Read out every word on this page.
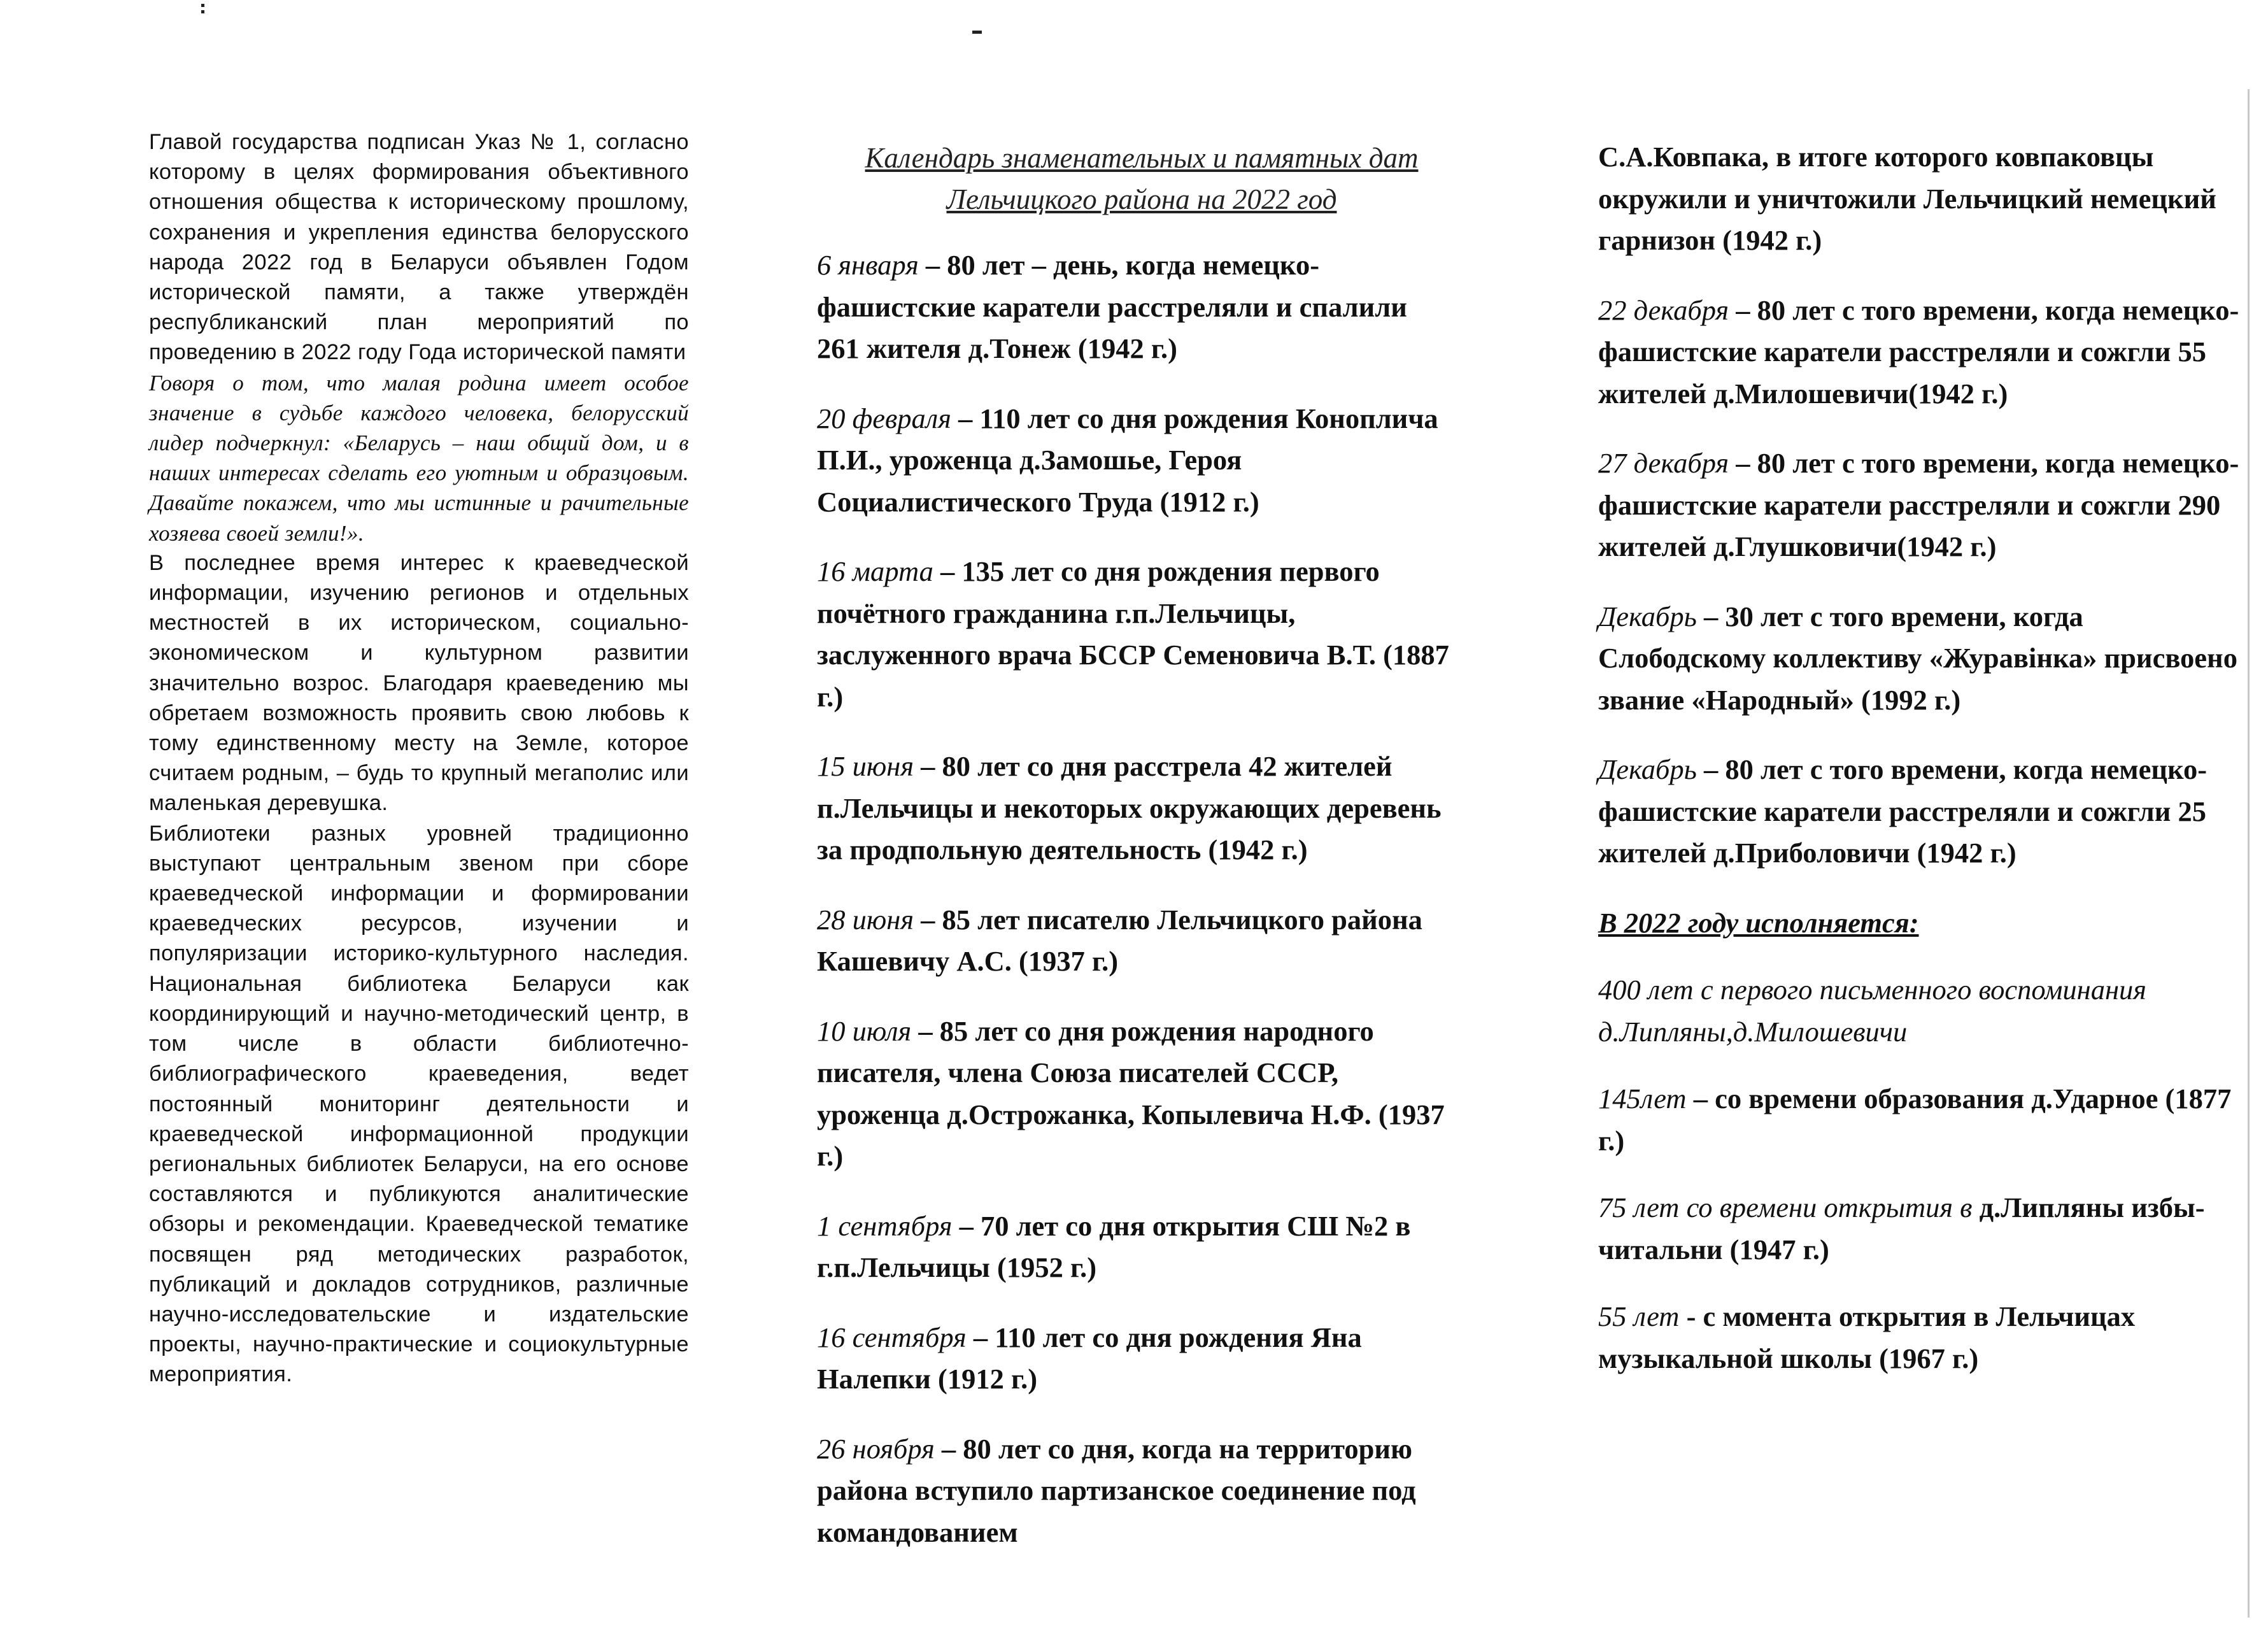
Главой государства подписан Указ № 1, согласно которому в целях формирования объективного отношения общества к историческому прошлому, сохранения и укрепления единства белорусского народа 2022 год в Беларуси объявлен Годом исторической памяти, а также утверждён республиканский план мероприятий по проведению в 2022 году Года исторической памяти

Говоря о том, что малая родина имеет особое значение в судьбе каждого человека, белорусский лидер подчеркнул: «Беларусь – наш общий дом, и в наших интересах сделать его уютным и образцовым. Давайте покажем, что мы истинные и рачительные хозяева своей земли!».

В последнее время интерес к краеведческой информации, изучению регионов и отдельных местностей в их историческом, социально-экономическом и культурном развитии значительно возрос. Благодаря краеведению мы обретаем возможность проявить свою любовь к тому единственному месту на Земле, которое считаем родным, – будь то крупный мегаполис или маленькая деревушка.

Библиотеки разных уровней традиционно выступают центральным звеном при сборе краеведческой информации и формировании краеведческих ресурсов, изучении и популяризации историко-культурного наследия. Национальная библиотека Беларуси как координирующий и научно-методический центр, в том числе в области библиотечно-библиографического краеведения, ведет постоянный мониторинг деятельности и краеведческой информационной продукции региональных библиотек Беларуси, на его основе составляются и публикуются аналитические обзоры и рекомендации. Краеведческой тематике посвящен ряд методических разработок, публикаций и докладов сотрудников, различные научно-исследовательские и издательские проекты, научно-практические и социокультурные мероприятия.

Календарь знаменательных и памятных дат Лельчицкого района на 2022 год
6 января – 80 лет – день, когда немецко-фашистские каратели расстреляли и спалили 261 жителя д.Тонеж (1942 г.)
20 февраля – 110 лет со дня рождения Коноплича П.И., уроженца д.Замошье, Героя Социалистического Труда (1912 г.)
16 марта – 135 лет со дня рождения первого почётного гражданина г.п.Лельчицы, заслуженного врача БССР Семеновича В.Т. (1887 г.)
15 июня – 80 лет со дня расстрела 42 жителей п.Лельчицы и некоторых окружающих деревень за продпольную деятельность (1942 г.)
28 июня – 85 лет писателю Лельчицкого района Кашевичу А.С. (1937 г.)
10 июля – 85 лет со дня рождения народного писателя, члена Союза писателей СССР, уроженца д.Острожанка, Копылевича Н.Ф. (1937 г.)
1 сентября – 70 лет со дня открытия СШ №2 в г.п.Лельчицы (1952 г.)
16 сентября – 110 лет со дня рождения Яна Налепки (1912 г.)
26 ноября – 80 лет со дня, когда на территорию района вступило партизанское соединение под командованием
С.А.Ковпака, в итоге которого ковпаковцы окружили и уничтожили Лельчицкий немецкий гарнизон (1942 г.)
22 декабря – 80 лет с того времени, когда немецко-фашистские каратели расстреляли и сожгли 55 жителей д.Милошевичи(1942 г.)
27 декабря – 80 лет с того времени, когда немецко-фашистские каратели расстреляли и сожгли 290 жителей д.Глушковичи(1942 г.)
Декабрь – 30 лет с того времени, когда Слободскому коллективу «Журавінка» присвоено звание «Народный» (1992 г.)
Декабрь – 80 лет с того времени, когда немецко-фашистские каратели расстреляли и сожгли 25 жителей д.Приболовичи (1942 г.)
В 2022 году исполняется:
400 лет с первого письменного воспоминания д.Липляны,д.Милошевичи
145лет – со времени образования д.Ударное (1877 г.)
75 лет со времени открытия в д.Липляны избы-читальни (1947 г.)
55 лет - с момента открытия в Лельчицах музыкальной школы (1967 г.)
